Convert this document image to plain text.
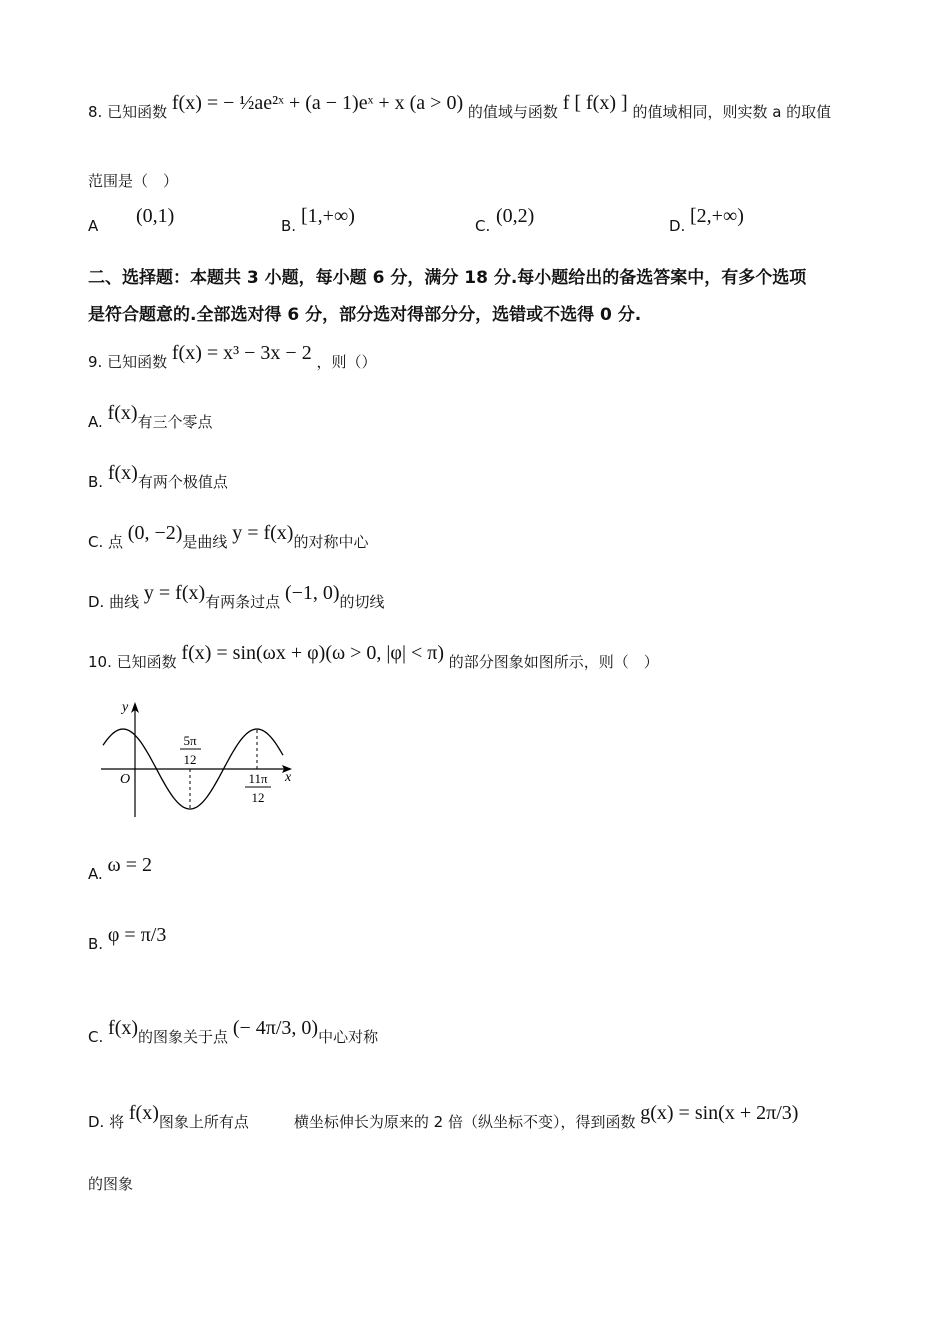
8. 已知函数 f(x) = − ½ae²ˣ + (a − 1)eˣ + x (a > 0) 的值域与函数 f [ f(x) ] 的值域相同，则实数 a 的取值
范围是（　）
A (0,1)	B. [1,+∞)	C. (0,2)	D. [2,+∞)
二、选择题：本题共 3 小题，每小题 6 分，满分 18 分.每小题给出的备选答案中，有多个选项
是符合题意的.全部选对得 6 分，部分选对得部分分，选错或不选得 0 分.
9. 已知函数 f(x) = x³ − 3x − 2 ，则（）
A. f(x)有三个零点
B. f(x)有两个极值点
C. 点 (0, −2)是曲线 y = f(x)的对称中心
D. 曲线 y = f(x)有两条过点 (−1, 0)的切线
10. 已知函数 f(x) = sin(ωx + φ)(ω > 0, |φ| < π) 的部分图象如图所示，则（　）
y
x
O
5π
12
11π
12
A. ω = 2
B. φ = π/3
C. f(x)的图象关于点 (− 4π/3, 0)中心对称
D. 将 f(x)图象上所有点　　　横坐标伸长为原来的 2 倍（纵坐标不变），得到函数 g(x) = sin(x + 2π/3)
的图象
